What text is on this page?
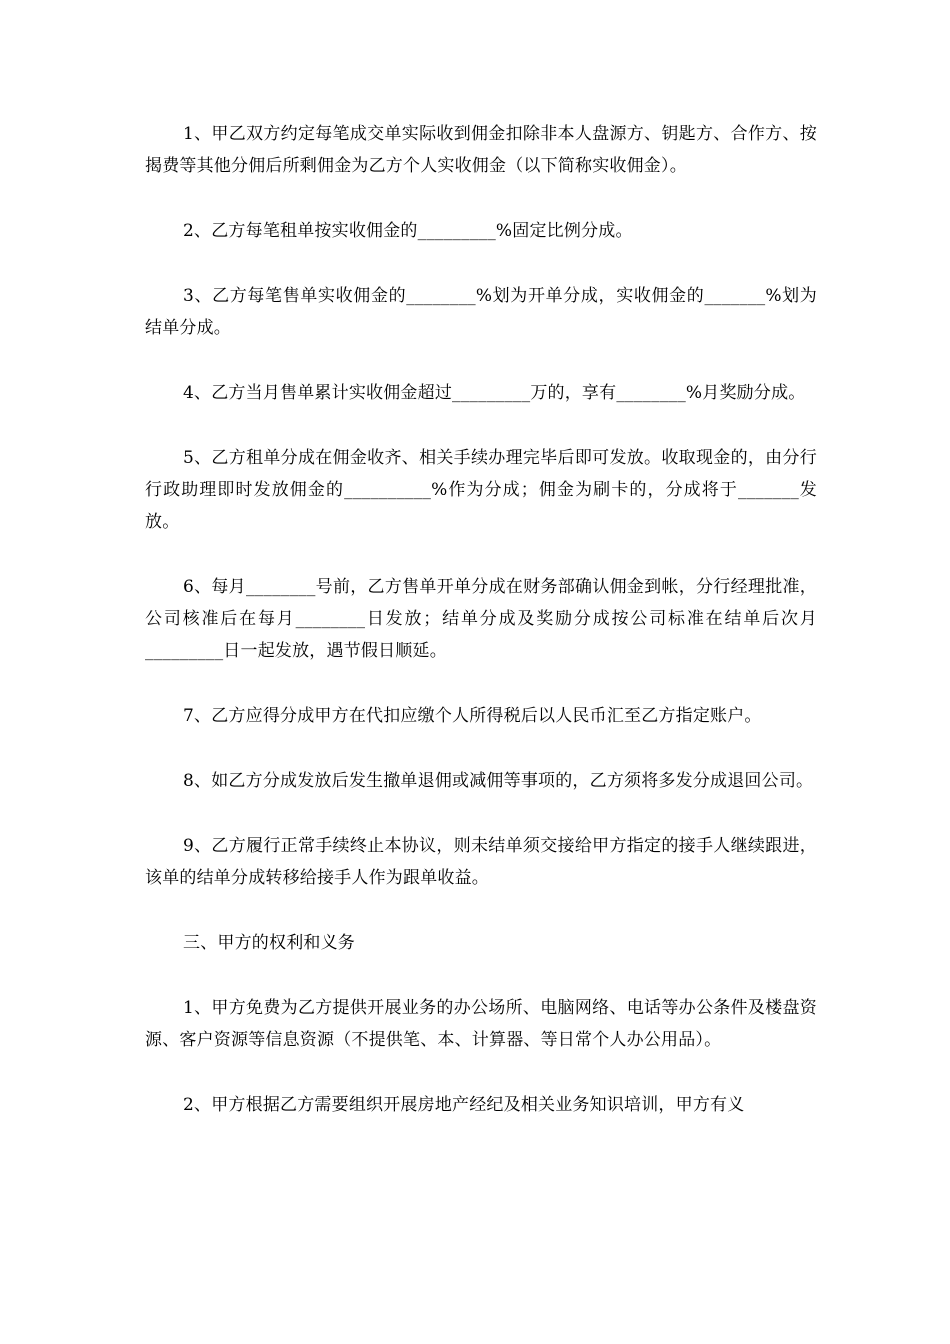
1、甲乙双方约定每笔成交单实际收到佣金扣除非本人盘源方、钥匙方、合作方、按揭费等其他分佣后所剩佣金为乙方个人实收佣金（以下简称实收佣金）。

2、乙方每笔租单按实收佣金的_________%固定比例分成。

3、乙方每笔售单实收佣金的________%划为开单分成，实收佣金的_______%划为结单分成。

4、乙方当月售单累计实收佣金超过_________万的，享有________%月奖励分成。

5、乙方租单分成在佣金收齐、相关手续办理完毕后即可发放。收取现金的，由分行行政助理即时发放佣金的__________%作为分成；佣金为刷卡的，分成将于_______发放。

6、每月________号前，乙方售单开单分成在财务部确认佣金到帐，分行经理批准，公司核准后在每月________日发放；结单分成及奖励分成按公司标准在结单后次月_________日一起发放，遇节假日顺延。

7、乙方应得分成甲方在代扣应缴个人所得税后以人民币汇至乙方指定账户。

8、如乙方分成发放后发生撤单退佣或减佣等事项的，乙方须将多发分成退回公司。

9、乙方履行正常手续终止本协议，则未结单须交接给甲方指定的接手人继续跟进，该单的结单分成转移给接手人作为跟单收益。

三、甲方的权利和义务

1、甲方免费为乙方提供开展业务的办公场所、电脑网络、电话等办公条件及楼盘资源、客户资源等信息资源（不提供笔、本、计算器、等日常个人办公用品）。

2、甲方根据乙方需要组织开展房地产经纪及相关业务知识培训，甲方有义
